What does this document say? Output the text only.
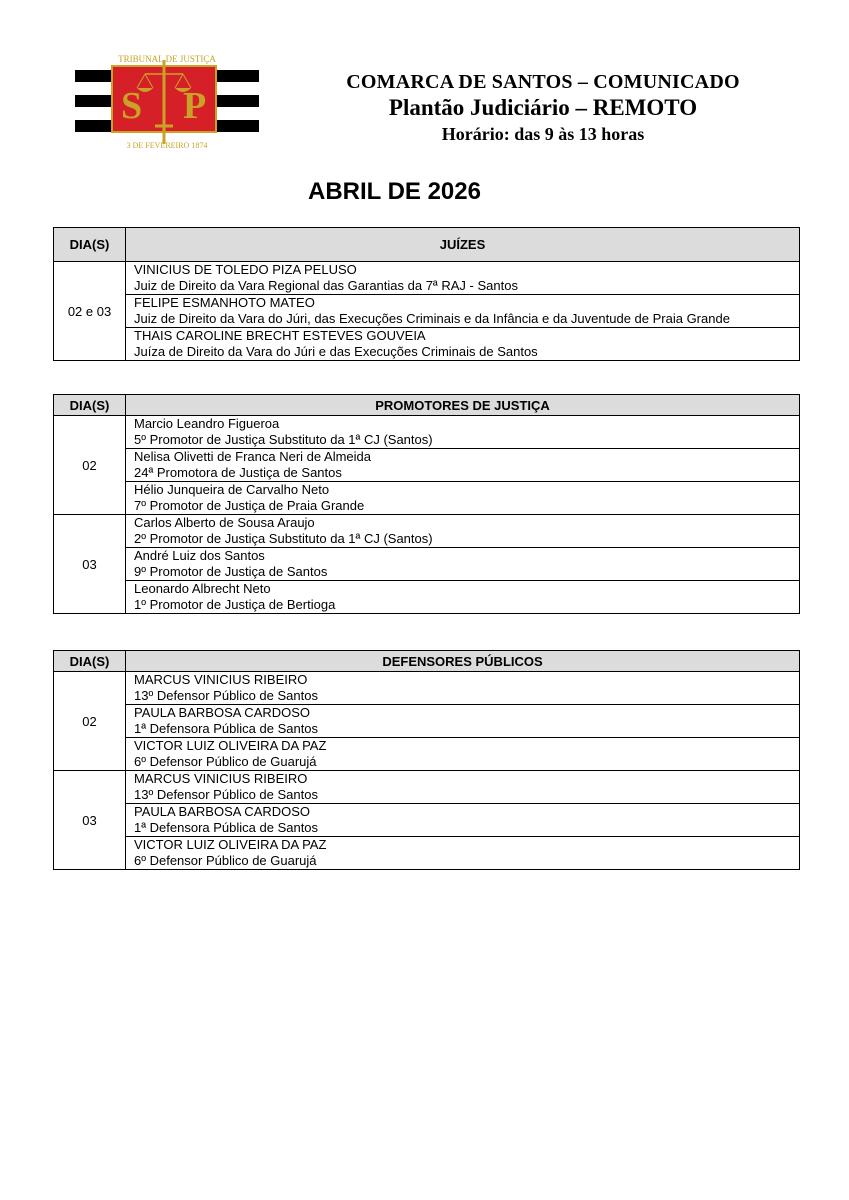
S P
TRIBUNAL DE JUSTIÇA
3 DE FEVEREIRO 1874
COMARCA DE SANTOS – COMUNICADO
Plantão Judiciário – REMOTO
Horário: das 9 às 13 horas
ABRIL DE 2026
DIA(S)	JUÍZES
02 e 03	VINICIUS DE TOLEDO PIZA PELUSO
Juiz de Direito da Vara Regional das Garantias da 7ª RAJ - Santos

	FELIPE ESMANHOTO MATEO
Juiz de Direito da Vara do Júri, das Execuções Criminais e da Infância e da Juventude de Praia Grande

	THAIS CAROLINE BRECHT ESTEVES GOUVEIA
Juíza de Direito da Vara do Júri e das Execuções Criminais de Santos
DIA(S)	PROMOTORES DE JUSTIÇA
02	Marcio Leandro Figueroa
5º Promotor de Justiça Substituto da 1ª CJ (Santos)

	Nelisa Olivetti de Franca Neri de Almeida
24ª Promotora de Justiça de Santos

	Hélio Junqueira de Carvalho Neto
7º Promotor de Justiça de Praia Grande

03	Carlos Alberto de Sousa Araujo
2º Promotor de Justiça Substituto da 1ª CJ (Santos)

	André Luiz dos Santos
9º Promotor de Justiça de Santos

	Leonardo Albrecht Neto
1º Promotor de Justiça de Bertioga
DIA(S)	DEFENSORES PÚBLICOS
02	MARCUS VINICIUS RIBEIRO
13º Defensor Público de Santos

	PAULA BARBOSA CARDOSO
1ª Defensora Pública de Santos

	VICTOR LUIZ OLIVEIRA DA PAZ
6º Defensor Público de Guarujá

03	MARCUS VINICIUS RIBEIRO
13º Defensor Público de Santos

	PAULA BARBOSA CARDOSO
1ª Defensora Pública de Santos

	VICTOR LUIZ OLIVEIRA DA PAZ
6º Defensor Público de Guarujá
